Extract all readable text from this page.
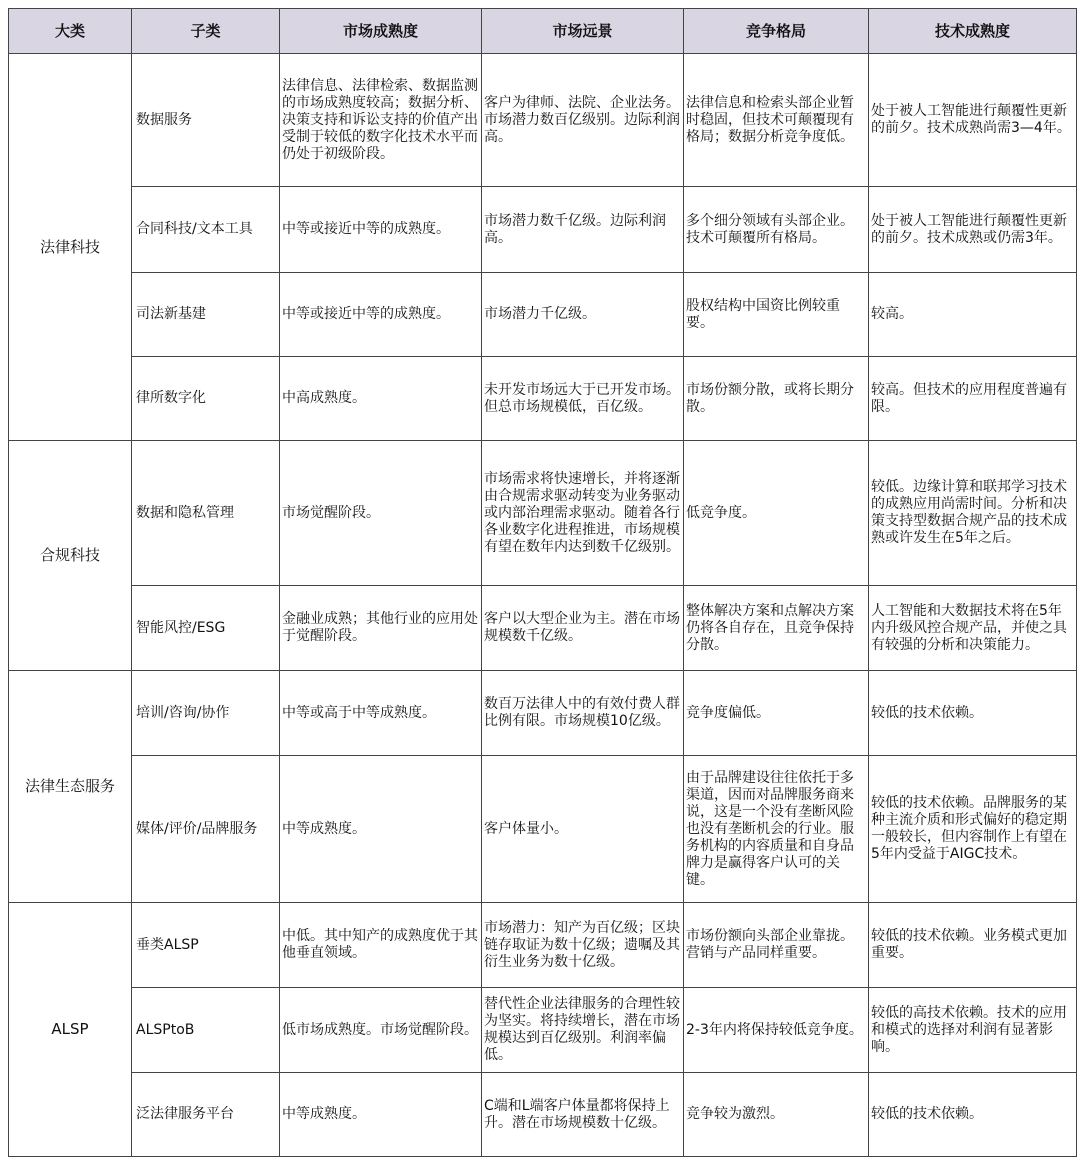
大类	子类	市场成熟度	市场远景	竞争格局	技术成熟度
法律科技	数据服务	法律信息、法律检索、数据监测的市场成熟度较高；数据分析、决策支持和诉讼支持的价值产出受制于较低的数字化技术水平而仍处于初级阶段。	客户为律师、法院、企业法务。市场潜力数百亿级别。边际利润高。	法律信息和检索头部企业暂时稳固，但技术可颠覆现有格局；数据分析竞争度低。	处于被人工智能进行颠覆性更新的前夕。技术成熟尚需3—4年。
	合同科技/文本工具	中等或接近中等的成熟度。	市场潜力数千亿级。边际利润高。	多个细分领域有头部企业。技术可颠覆所有格局。	处于被人工智能进行颠覆性更新的前夕。技术成熟或仍需3年。
	司法新基建	中等或接近中等的成熟度。	市场潜力千亿级。	股权结构中国资比例较重要。	较高。
	律所数字化	中高成熟度。	未开发市场远大于已开发市场。但总市场规模低，百亿级。	市场份额分散，或将长期分散。	较高。但技术的应用程度普遍有限。
合规科技	数据和隐私管理	市场觉醒阶段。	市场需求将快速增长，并将逐渐由合规需求驱动转变为业务驱动或内部治理需求驱动。随着各行各业数字化进程推进，市场规模有望在数年内达到数千亿级别。	低竞争度。	较低。边缘计算和联邦学习技术的成熟应用尚需时间。分析和决策支持型数据合规产品的技术成熟或许发生在5年之后。
	智能风控/ESG	金融业成熟；其他行业的应用处于觉醒阶段。	客户以大型企业为主。潜在市场规模数千亿级。	整体解决方案和点解决方案仍将各自存在，且竞争保持分散。	人工智能和大数据技术将在5年内升级风控合规产品，并使之具有较强的分析和决策能力。
法律生态服务	培训/咨询/协作	中等或高于中等成熟度。	数百万法律人中的有效付费人群比例有限。市场规模10亿级。	竞争度偏低。	较低的技术依赖。
	媒体/评价/品牌服务	中等成熟度。	客户体量小。	由于品牌建设往往依托于多渠道，因而对品牌服务商来说，这是一个没有垄断风险也没有垄断机会的行业。服务机构的内容质量和自身品牌力是赢得客户认可的关键。	较低的技术依赖。品牌服务的某种主流介质和形式偏好的稳定期一般较长，但内容制作上有望在5年内受益于AIGC技术。
ALSP	垂类ALSP	中低。其中知产的成熟度优于其他垂直领域。	市场潜力：知产为百亿级；区块链存取证为数十亿级；遗嘱及其衍生业务为数十亿级。	市场份额向头部企业靠拢。营销与产品同样重要。	较低的技术依赖。业务模式更加重要。
	ALSPtoB	低市场成熟度。市场觉醒阶段。	替代性企业法律服务的合理性较为坚实。将持续增长，潜在市场规模达到百亿级别。利润率偏低。	2-3年内将保持较低竞争度。	较低的高技术依赖。技术的应用和模式的选择对利润有显著影响。
	泛法律服务平台	中等成熟度。	C端和L端客户体量都将保持上升。潜在市场规模数十亿级。	竞争较为激烈。	较低的技术依赖。
